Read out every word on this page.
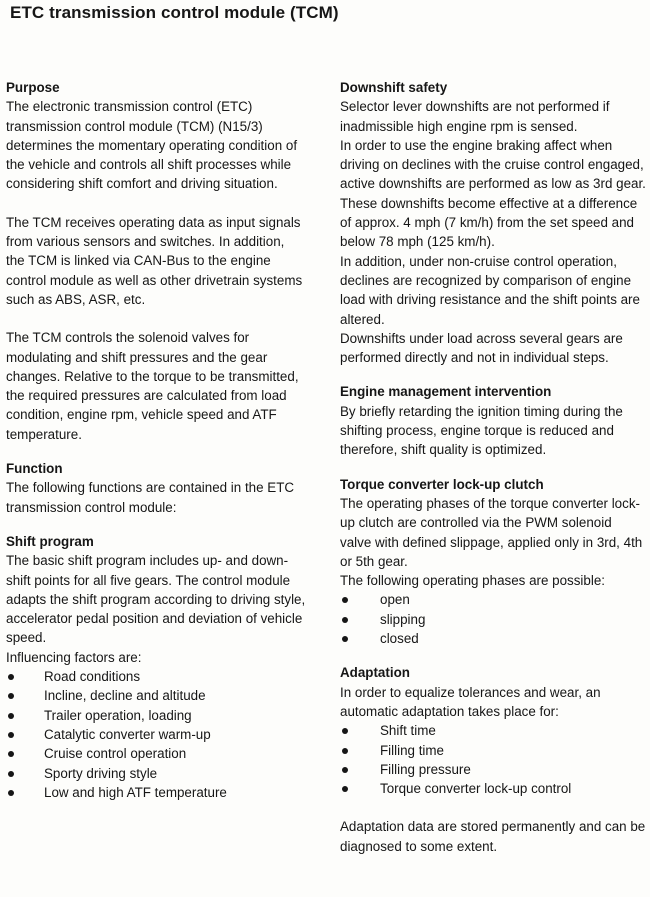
ETC transmission control module (TCM)
Purpose

The electronic transmission control (ETC) transmission control module (TCM) (N15/3) determines the momentary operating condition of the vehicle and controls all shift processes while considering shift comfort and driving situation.

The TCM receives operating data as input signals from various sensors and switches. In addition, the TCM is linked via CAN-Bus to the engine control module as well as other drivetrain systems such as ABS, ASR, etc.

The TCM controls the solenoid valves for modulating and shift pressures and the gear changes. Relative to the torque to be transmitted, the required pressures are calculated from load condition, engine rpm, vehicle speed and ATF temperature.

Function

The following functions are contained in the ETC transmission control module:

Shift program

The basic shift program includes up- and down-shift points for all five gears. The control module adapts the shift program according to driving style, accelerator pedal position and deviation of vehicle speed.

Influencing factors are:

Road conditions
Incline, decline and altitude
Trailer operation, loading
Catalytic converter warm-up
Cruise control operation
Sporty driving style
Low and high ATF temperature
Downshift safety

Selector lever downshifts are not performed if inadmissible high engine rpm is sensed.

In order to use the engine braking affect when driving on declines with the cruise control engaged, active downshifts are performed as low as 3rd gear.

These downshifts become effective at a difference of approx. 4 mph (7 km/h) from the set speed and below 78 mph (125 km/h).

In addition, under non-cruise control operation, declines are recognized by comparison of engine load with driving resistance and the shift points are altered.

Downshifts under load across several gears are performed directly and not in individual steps.

Engine management intervention

By briefly retarding the ignition timing during the shifting process, engine torque is reduced and therefore, shift quality is optimized.

Torque converter lock-up clutch

The operating phases of the torque converter lock-up clutch are controlled via the PWM solenoid valve with defined slippage, applied only in 3rd, 4th or 5th gear.

The following operating phases are possible:

open
slipping
closed
Adaptation

In order to equalize tolerances and wear, an automatic adaptation takes place for:

Shift time
Filling time
Filling pressure
Torque converter lock-up control

Adaptation data are stored permanently and can be diagnosed to some extent.
